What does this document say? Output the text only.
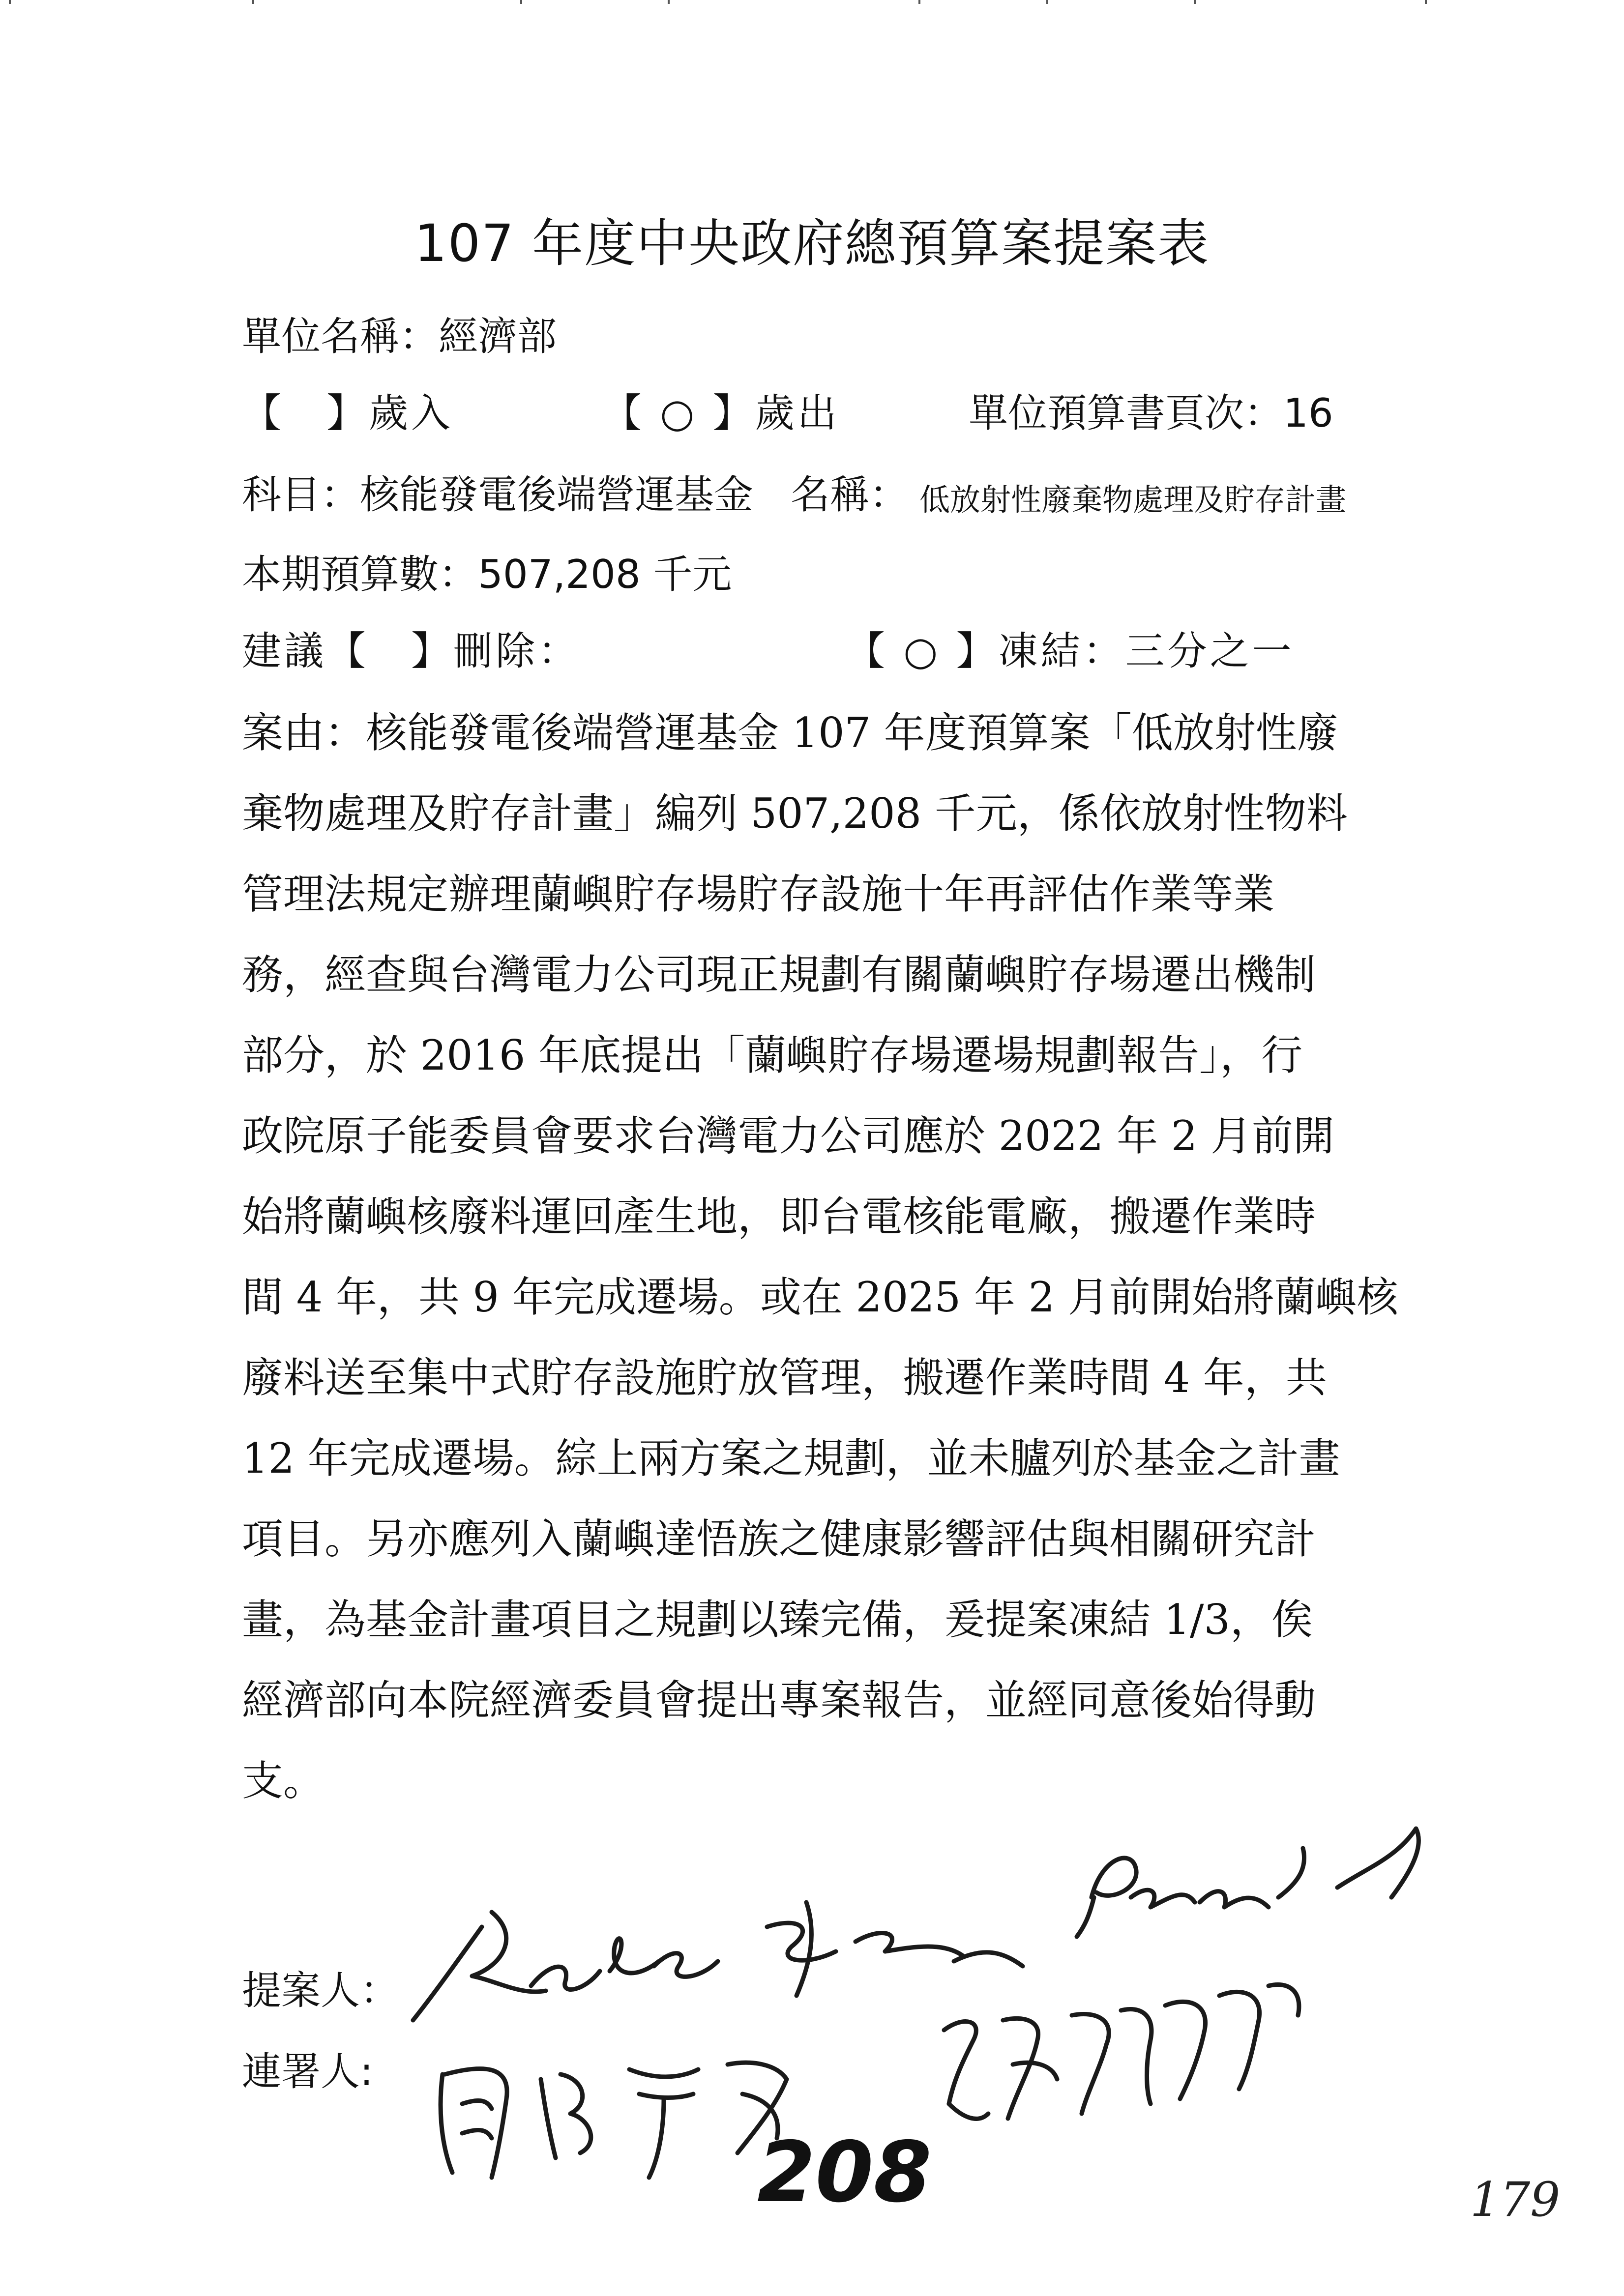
107 年度中央政府總預算案提案表
單位名稱：經濟部
【　】歲入	【 ○ 】歲出	單位預算書頁次：16
科目：核能發電後端營運基金 名稱： 低放射性廢棄物處理及貯存計畫
本期預算數：507,208 千元
建議【　】刪除：	【 ○ 】凍結：三分之一
案由：核能發電後端營運基金 107 年度預算案「低放射性廢
棄物處理及貯存計畫」編列 507,208 千元，係依放射性物料
管理法規定辦理蘭嶼貯存場貯存設施十年再評估作業等業
務，經查與台灣電力公司現正規劃有關蘭嶼貯存場遷出機制
部分，於 2016 年底提出「蘭嶼貯存場遷場規劃報告」，行
政院原子能委員會要求台灣電力公司應於 2022 年 2 月前開
始將蘭嶼核廢料運回產生地，即台電核能電廠，搬遷作業時
間 4 年，共 9 年完成遷場。或在 2025 年 2 月前開始將蘭嶼核
廢料送至集中式貯存設施貯放管理，搬遷作業時間 4 年，共
12 年完成遷場。綜上兩方案之規劃，並未臚列於基金之計畫
項目。另亦應列入蘭嶼達悟族之健康影響評估與相關研究計
畫，為基金計畫項目之規劃以臻完備，爰提案凍結 1/3，俟
經濟部向本院經濟委員會提出專案報告，並經同意後始得動
支。
提案人：
連署人:
208	179
